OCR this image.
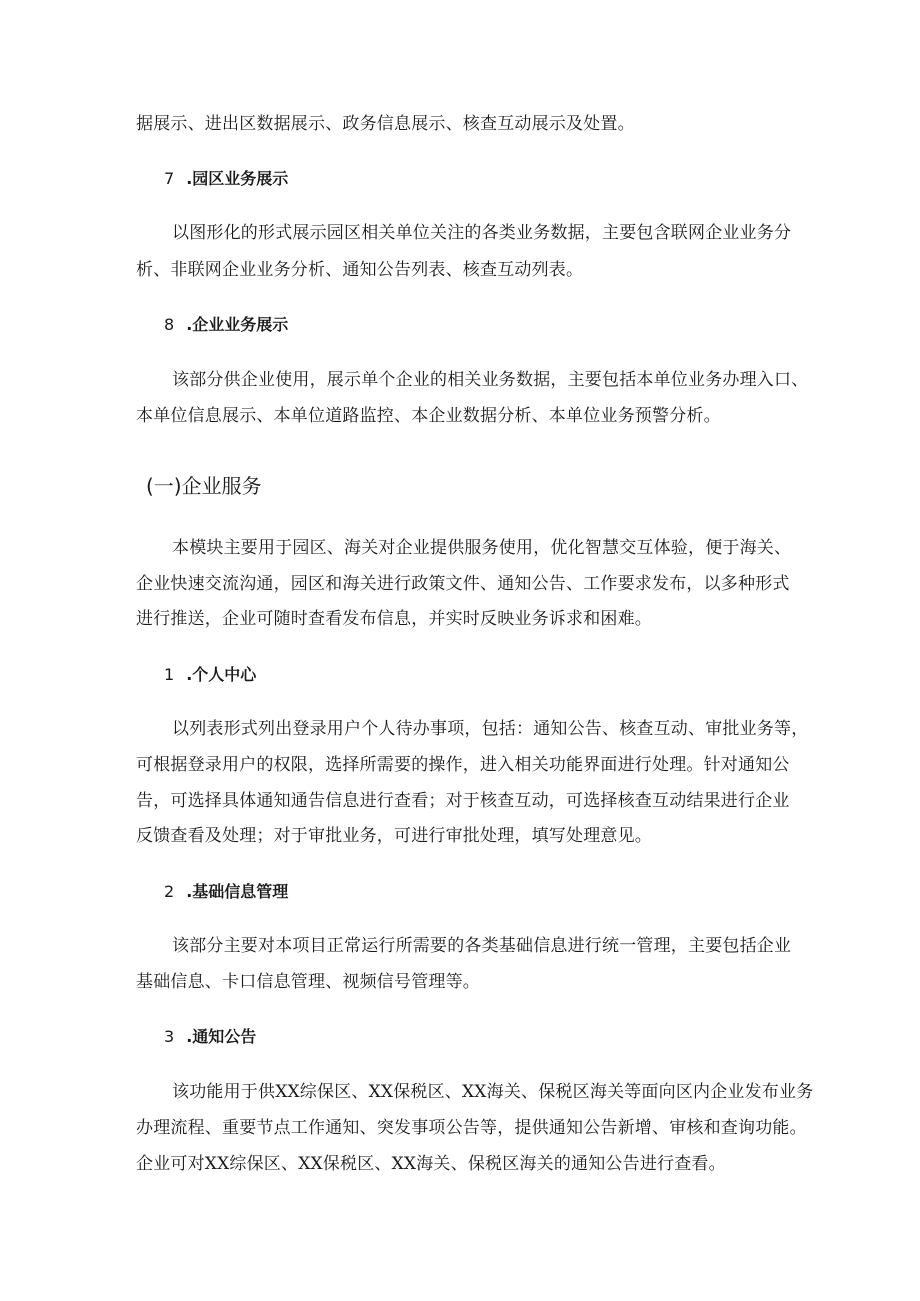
据展示、进出区数据展示、政务信息展示、核查互动展示及处置。
7 .园区业务展示
以图形化的形式展示园区相关单位关注的各类业务数据，主要包含联网企业业务分
析、非联网企业业务分析、通知公告列表、核查互动列表。
8 .企业业务展示
该部分供企业使用，展示单个企业的相关业务数据，主要包括本单位业务办理入口、
本单位信息展示、本单位道路监控、本企业数据分析、本单位业务预警分析。
(一)企业服务
本模块主要用于园区、海关对企业提供服务使用，优化智慧交互体验，便于海关、
企业快速交流沟通，园区和海关进行政策文件、通知公告、工作要求发布，以多种形式
进行推送，企业可随时查看发布信息，并实时反映业务诉求和困难。
1 .个人中心
以列表形式列出登录用户个人待办事项，包括：通知公告、核查互动、审批业务等，
可根据登录用户的权限，选择所需要的操作，进入相关功能界面进行处理。针对通知公
告，可选择具体通知通告信息进行查看；对于核查互动，可选择核查互动结果进行企业
反馈查看及处理；对于审批业务，可进行审批处理，填写处理意见。
2 .基础信息管理
该部分主要对本项目正常运行所需要的各类基础信息进行统一管理，主要包括企业
基础信息、卡口信息管理、视频信号管理等。
3 .通知公告
该功能用于供XX综保区、XX保税区、XX海关、保税区海关等面向区内企业发布业务
办理流程、重要节点工作通知、突发事项公告等，提供通知公告新增、审核和查询功能。
企业可对XX综保区、XX保税区、XX海关、保税区海关的通知公告进行查看。
